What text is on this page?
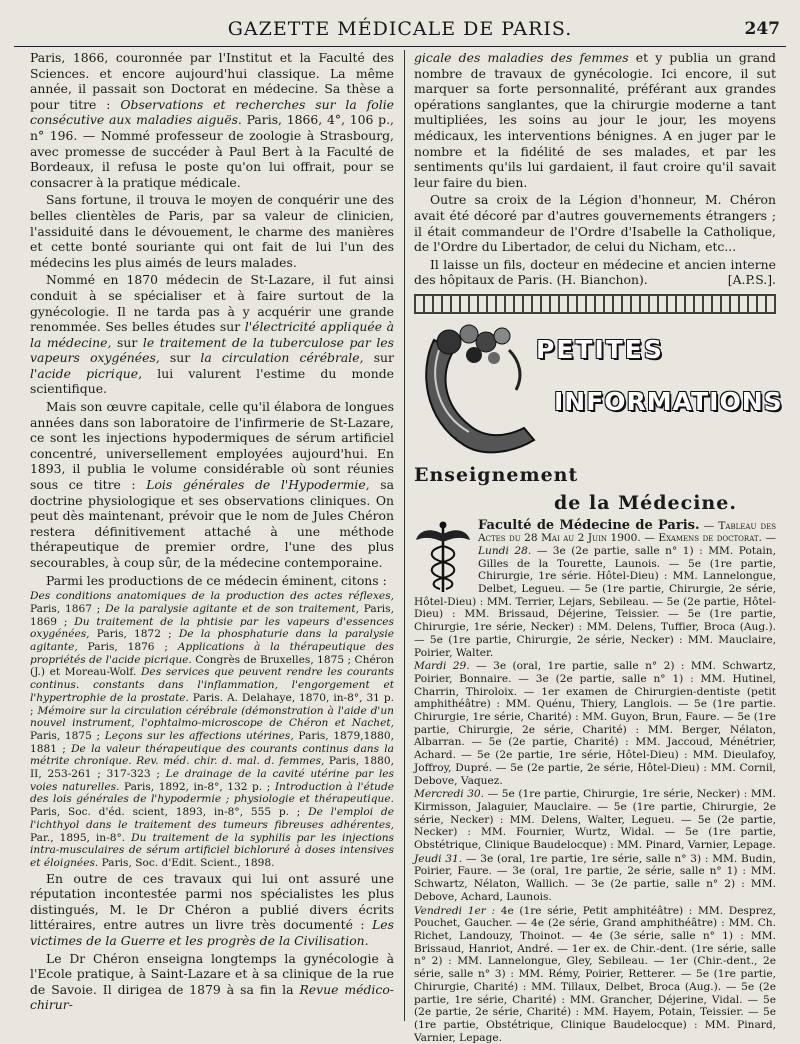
GAZETTE MÉDICALE DE PARIS.	247

Paris, 1866, couronnée par l'Institut et la Faculté des Sciences. et encore aujourd'hui classique. La même année, il passait son Doctorat en médecine. Sa thèse a pour titre : Observations et recherches sur la folie consécutive aux maladies aiguës. Paris, 1866, 4°, 106 p., n° 196. — Nommé professeur de zoologie à Strasbourg, avec promesse de succéder à Paul Bert à la Faculté de Bordeaux, il refusa le poste qu'on lui offrait, pour se consacrer à la pratique médicale.

Sans fortune, il trouva le moyen de conquérir une des belles clientèles de Paris, par sa valeur de clinicien, l'assiduité dans le dévouement, le charme des manières et cette bonté souriante qui ont fait de lui l'un des médecins les plus aimés de leurs malades.

Nommé en 1870 médecin de St-Lazare, il fut ainsi conduit à se spécialiser et à faire surtout de la gynécologie. Il ne tarda pas à y acquérir une grande renommée. Ses belles études sur l'électricité appliquée à la médecine, sur le traitement de la tuberculose par les vapeurs oxygénées, sur la circulation cérébrale, sur l'acide picrique, lui valurent l'estime du monde scientifique.

Mais son œuvre capitale, celle qu'il élabora de longues années dans son laboratoire de l'infirmerie de St-Lazare, ce sont les injections hypodermiques de sérum artificiel concentré, universellement employées aujourd'hui. En 1893, il publia le volume considérable où sont réunies sous ce titre : Lois générales de l'Hypodermie, sa doctrine physiologique et ses observations cliniques. On peut dès maintenant, prévoir que le nom de Jules Chéron restera définitivement attaché à une méthode thérapeutique de premier ordre, l'une des plus secourables, à coup sûr, de la médecine contemporaine.

Parmi les productions de ce médecin éminent, citons :

Des conditions anatomiques de la production des actes réflexes, Paris, 1867 ; De la paralysie agitante et de son traitement, Paris, 1869 ; Du traitement de la phtisie par les vapeurs d'essences oxygénées, Paris, 1872 ; De la phosphaturie dans la paralysie agitante, Paris, 1876 ; Applications à la thérapeutique des propriétés de l'acide picrique. Congrès de Bruxelles, 1875 ; Chéron (J.) et Moreau-Wolf. Des services que peuvent rendre les courants continus. constants dans l'inflammation, l'engorgement et l'hypertrophie de la prostate. Paris. A. Delahaye, 1870, in-8°, 31 p. ; Mémoire sur la circulation cérébrale (démonstration à l'aide d'un nouvel instrument, l'ophtalmo-microscope de Chéron et Nachet, Paris, 1875 ; Leçons sur les affections utérines, Paris, 1879,1880, 1881 ; De la valeur thérapeutique des courants continus dans la métrite chronique. Rev. méd. chir. d. mal. d. femmes, Paris, 1880, II, 253-261 ; 317-323 ; Le drainage de la cavité utérine par les voies naturelles. Paris, 1892, in-8°, 132 p. ; Introduction à l'étude des lois générales de l'hypodermie ; physiologie et thérapeutique. Paris, Soc. d'éd. scient, 1893, in-8°, 555 p. ; De l'emploi de l'ichthyol dans le traitement des tumeurs fibreuses adhérentes, Par., 1895, in-8°. Du traitement de la syphilis par les injections intra-musculaires de sérum artificiel bichloruré à doses intensives et éloignées. Paris, Soc. d'Edit. Scient., 1898.

En outre de ces travaux qui lui ont assuré une réputation incontestée parmi nos spécialistes les plus distingués, M. le Dr Chéron a publié divers écrits littéraires, entre autres un livre très documenté : Les victimes de la Guerre et les progrès de la Civilisation.

Le Dr Chéron enseigna longtemps la gynécologie à l'Ecole pratique, à Saint-Lazare et à sa clinique de la rue de Savoie. Il dirigea de 1879 à sa fin la Revue médico-chirur-

gicale des maladies des femmes et y publia un grand nombre de travaux de gynécologie. Ici encore, il sut marquer sa forte personnalité, préférant aux grandes opérations sanglantes, que la chirurgie moderne a tant multipliées, les soins au jour le jour, les moyens médicaux, les interventions bénignes. A en juger par le nombre et la fidélité de ses malades, et par les sentiments qu'ils lui gardaient, il faut croire qu'il savait leur faire du bien.

Outre sa croix de la Légion d'honneur, M. Chéron avait été décoré par d'autres gouvernements étrangers ; il était commandeur de l'Ordre d'Isabelle la Catholique, de l'Ordre du Libertador, de celui du Nicham, etc...

Il laisse un fils, docteur en médecine et ancien interne des hôpitaux de Paris. (H. Bianchon).	[A.P.S.].

PETITES
INFORMATIONS
Enseignement
de la Médecine.

Faculté de Médecine de Paris. — Tableau des Actes du 28 Mai au 2 Juin 1900. — Examens de doctorat. — Lundi 28. — 3e (2e partie, salle n° 1) : MM. Potain, Gilles de la Tourette, Launois. — 5e (1re partie, Chirurgie, 1re série. Hôtel-Dieu) : MM. Lannelongue, Delbet, Legueu. — 5e (1re partie, Chirurgie, 2e série, Hôtel-Dieu) : MM. Terrier, Lejars, Sebileau. — 5e (2e partie, Hôtel-Dieu) : MM. Brissaud, Déjerine, Teissier. — 5e (1re partie, Chirurgie, 1re série, Necker) : MM. Delens, Tuffier, Broca (Aug.). — 5e (1re partie, Chirurgie, 2e série, Necker) : MM. Mauclaire, Poirier, Walter.

Mardi 29. — 3e (oral, 1re partie, salle n° 2) : MM. Schwartz, Poirier, Bonnaire. — 3e (2e partie, salle n° 1) : MM. Hutinel, Charrin, Thiroloix. — 1er examen de Chirurgien-dentiste (petit amphithéâtre) : MM. Quénu, Thiery, Langlois. — 5e (1re partie. Chirurgie, 1re série, Charité) : MM. Guyon, Brun, Faure. — 5e (1re partie, Chirurgie, 2e série, Charité) : MM. Berger, Nélaton, Albarran. — 5e (2e partie, Charité) : MM. Jaccoud, Ménétrier, Achard. — 5e (2e partie, 1re série, Hôtel-Dieu) : MM. Dieulafoy, Joffroy, Dupré. — 5e (2e partie, 2e série, Hôtel-Dieu) : MM. Cornil, Debove, Vaquez.

Mercredi 30. — 5e (1re partie, Chirurgie, 1re série, Necker) : MM. Kirmisson, Jalaguier, Mauclaire. — 5e (1re partie, Chirurgie, 2e série, Necker) : MM. Delens, Walter, Legueu. — 5e (2e partie, Necker) : MM. Fournier, Wurtz, Widal. — 5e (1re partie, Obstétrique, Clinique Baudelocque) : MM. Pinard, Varnier, Lepage.

Jeudi 31. — 3e (oral, 1re partie, 1re série, salle n° 3) : MM. Budin, Poirier, Faure. — 3e (oral, 1re partie, 2e série, salle n° 1) : MM. Schwartz, Nélaton, Wallich. — 3e (2e partie, salle n° 2) : MM. Debove, Achard, Launois.

Vendredi 1er : 4e (1re série, Petit amphitéâtre) : MM. Desprez, Pouchet, Gaucher. — 4e (2e série, Grand amphithéâtre) : MM. Ch. Richet, Landouzy, Thoinot. — 4e (3e série, salle n° 1) : MM. Brissaud, Hanriot, André. — 1er ex. de Chir.-dent. (1re série, salle n° 2) : MM. Lannelongue, Gley, Sebileau. — 1er (Chir.-dent., 2e série, salle n° 3) : MM. Rémy, Poirier, Retterer. — 5e (1re partie, Chirurgie, Charité) : MM. Tillaux, Delbet, Broca (Aug.). — 5e (2e partie, 1re série, Charité) : MM. Grancher, Déjerine, Vidal. — 5e (2e partie, 2e série, Charité) : MM. Hayem, Potain, Teissier. — 5e (1re partie, Obstétrique, Clinique Baudelocque) : MM. Pinard, Varnier, Lepage.
